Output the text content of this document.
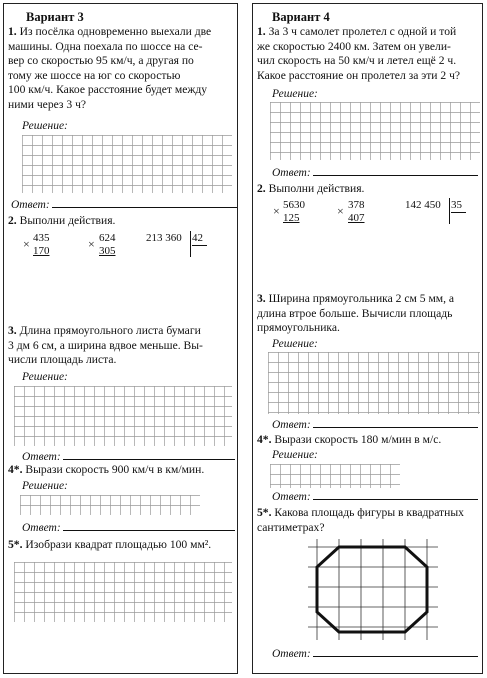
Вариант 3
1. Из посёлка одновременно выехали две
машины. Одна поехала по шоссе на се-
вер со скоростью 95 км/ч, а другая по
тому же шоссе на юг со скоростью
100 км/ч. Какое расстояние будет между
ними через 3 ч?
Решение:
Ответ:
2. Выполни действия.
× 435
170	× 624
305
213 360 42
3. Длина прямоугольного листа бумаги
3 дм 6 см, а ширина вдвое меньше. Вы-
числи площадь листа.
Решение:
Ответ:
4*. Вырази скорость 900 км/ч в км/мин.
Решение:
Ответ:
5*. Изобрази квадрат площадью 100 мм².
Вариант 4
1. За 3 ч самолет пролетел с одной и той
же скоростью 2400 км. Затем он увели-
чил скорость на 50 км/ч и летел ещё 2 ч.
Какое расстояние он пролетел за эти 2 ч?
Решение:
Ответ:
2. Выполни действия.
× 5630
125	× 378
407
142 450 35
3. Ширина прямоугольника 2 см 5 мм, а
длина втрое больше. Вычисли площадь
прямоугольника.
Решение:
Ответ:
4*. Вырази скорость 180 м/мин в м/с.
Решение:
Ответ:
5*. Какова площадь фигуры в квадратных
сантиметрах?
Ответ:
